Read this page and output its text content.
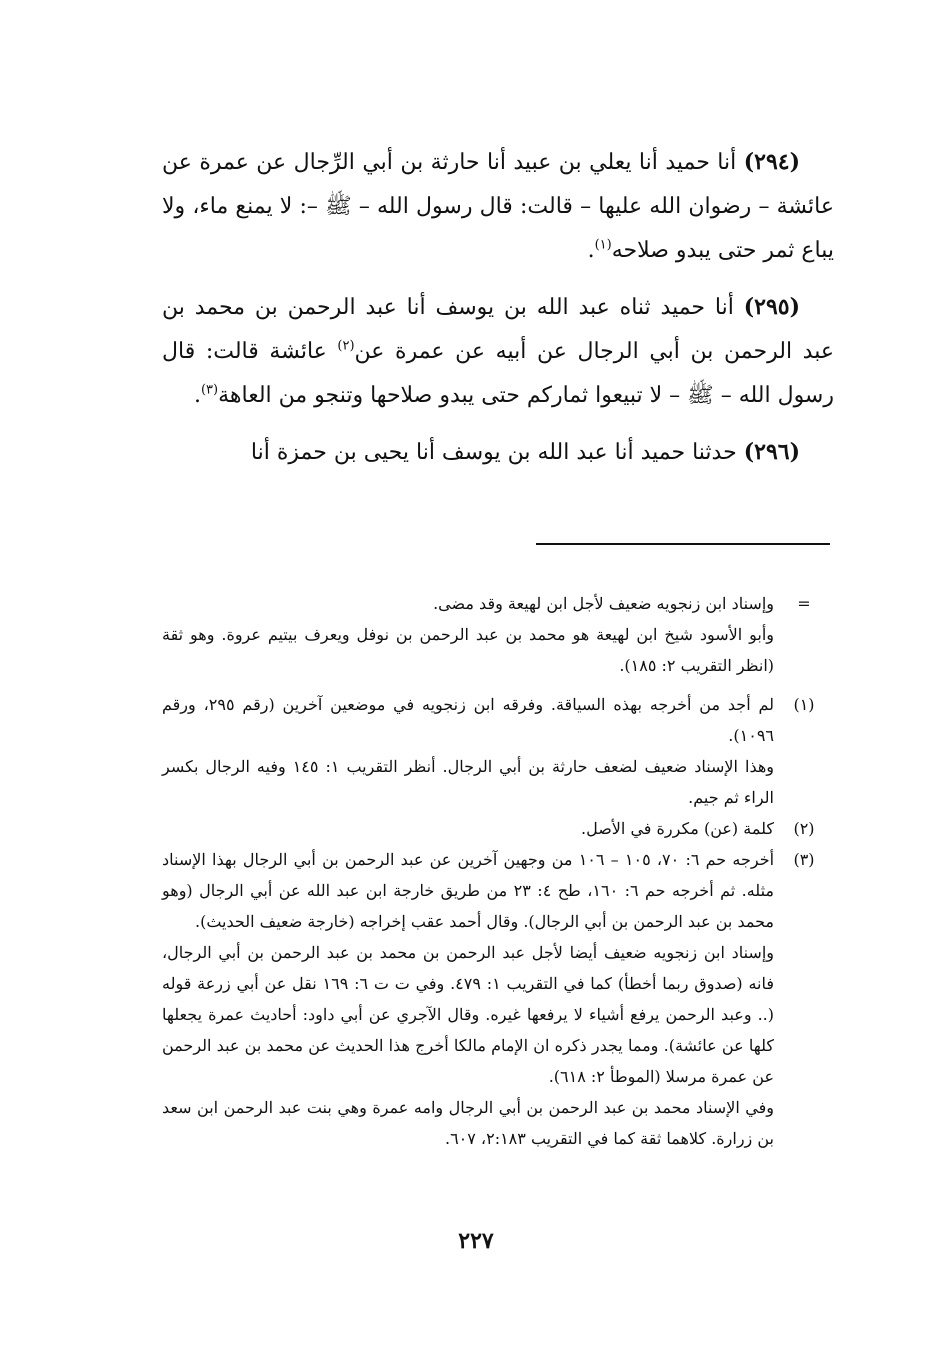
(٢٩٤) أنا حميد أنا يعلي بن عبيد أنا حارثة بن أبي الرِّجال عن عمرة عن عائشة – رضوان الله عليها – قالت: قال رسول الله – ﷺ –: لا يمنع ماء، ولا يباع ثمر حتى يبدو صلاحه$^{(١)}$.

(٢٩٥) أنا حميد ثناه عبد الله بن يوسف أنا عبد الرحمن بن محمد بن عبد الرحمن بن أبي الرجال عن أبيه عن عمرة عن$^{(٢)}$ عائشة قالت: قال رسول الله – ﷺ – لا تبيعوا ثمارکم حتى يبدو صلاحها وتنجو من العاهة$^{(٣)}$.

(٢٩٦) حدثنا حميد أنا عبد الله بن يوسف أنا يحيى بن حمزة أنا

=

وإسناد ابن زنجويه ضعيف لأجل ابن لهيعة وقد مضى.

وأبو الأسود شيخ ابن لهيعة هو محمد بن عبد الرحمن بن نوفل ويعرف بيتيم عروة. وهو ثقة (انظر التقريب ٢: ١٨٥).

(١)

لم أجد من أخرجه بهذه السياقة. وفرقه ابن زنجويه في موضعين آخرين (رقم ٢٩٥، ورقم ١٠٩٦).

وهذا الإسناد ضعيف لضعف حارثة بن أبي الرجال. أنظر التقريب ١: ١٤٥ وفيه الرجال بكسر الراء ثم جيم.

(٢)

كلمة (عن) مكررة في الأصل.

(٣)

أخرجه حم ٦: ٧٠، ١٠٥ – ١٠٦ من وجهين آخرين عن عبد الرحمن بن أبي الرجال بهذا الإسناد مثله. ثم أخرجه حم ٦: ١٦٠، طح ٤: ٢٣ من طريق خارجة ابن عبد الله عن أبي الرجال (وهو محمد بن عبد الرحمن بن أبي الرجال). وقال أحمد عقب إخراجه (خارجة ضعيف الحديث).

وإسناد ابن زنجويه ضعيف أيضا لأجل عبد الرحمن بن محمد بن عبد الرحمن بن أبي الرجال، فانه (صدوق ربما أخطأ) كما في التقريب ١: ٤٧٩. وفي ت ت ٦: ١٦٩ نقل عن أبي زرعة قوله (.. وعبد الرحمن يرفع أشياء لا يرفعها غيره. وقال الآجري عن أبي داود: أحاديث عمرة يجعلها كلها عن عائشة). ومما يجدر ذكره ان الإمام مالكا أخرج هذا الحديث عن محمد بن عبد الرحمن عن عمرة مرسلا (الموطأ ٢: ٦١٨).

وفي الإسناد محمد بن عبد الرحمن بن أبي الرجال وامه عمرة وهي بنت عبد الرحمن ابن سعد بن زرارة. كلاهما ثقة كما في التقريب ٢:١٨٣، ٦٠٧.

٢٢٧
